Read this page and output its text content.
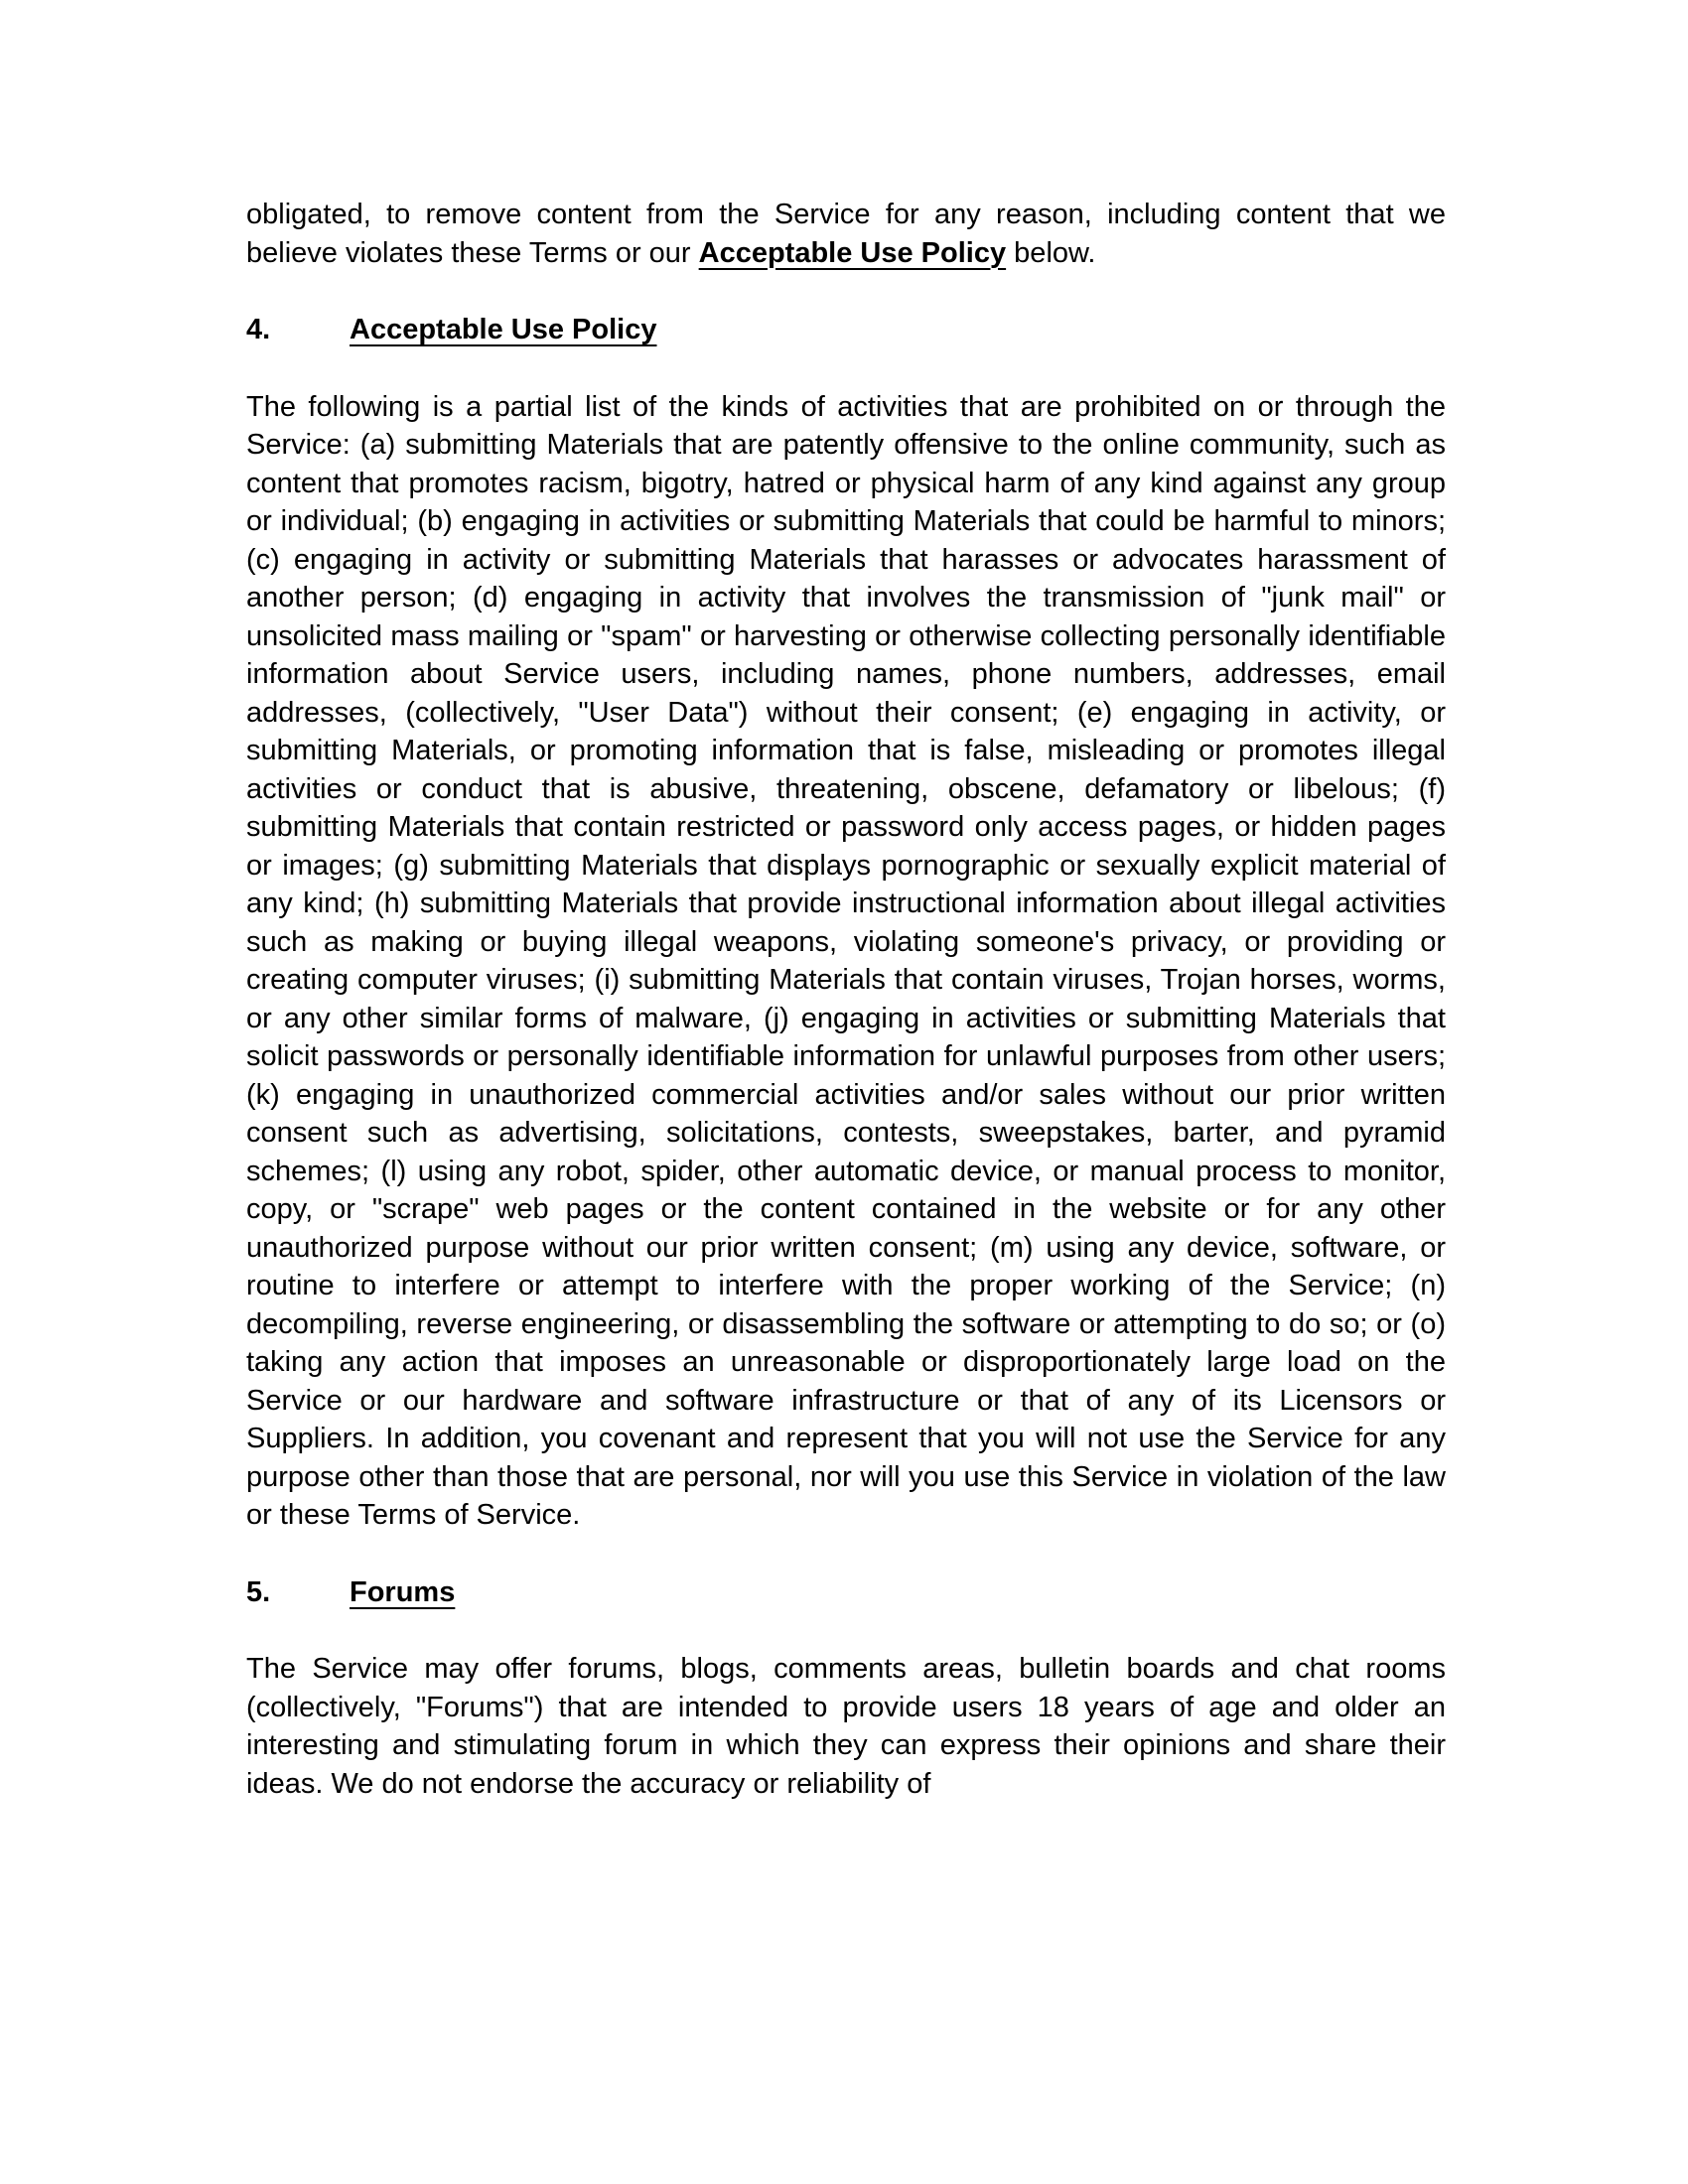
obligated, to remove content from the Service for any reason, including content that we believe violates these Terms or our Acceptable Use Policy below.

4.	Acceptable Use Policy

The following is a partial list of the kinds of activities that are prohibited on or through the Service: (a) submitting Materials that are patently offensive to the online community, such as content that promotes racism, bigotry, hatred or physical harm of any kind against any group or individual; (b) engaging in activities or submitting Materials that could be harmful to minors; (c) engaging in activity or submitting Materials that harasses or advocates harassment of another person; (d) engaging in activity that involves the transmission of "junk mail" or unsolicited mass mailing or "spam" or harvesting or otherwise collecting personally identifiable information about Service users, including names, phone numbers, addresses, email addresses, (collectively, "User Data") without their consent; (e) engaging in activity, or submitting Materials, or promoting information that is false, misleading or promotes illegal activities or conduct that is abusive, threatening, obscene, defamatory or libelous; (f) submitting Materials that contain restricted or password only access pages, or hidden pages or images; (g) submitting Materials that displays pornographic or sexually explicit material of any kind; (h) submitting Materials that provide instructional information about illegal activities such as making or buying illegal weapons, violating someone's privacy, or providing or creating computer viruses; (i) submitting Materials that contain viruses, Trojan horses, worms, or any other similar forms of malware, (j) engaging in activities or submitting Materials that solicit passwords or personally identifiable information for unlawful purposes from other users; (k) engaging in unauthorized commercial activities and/or sales without our prior written consent such as advertising, solicitations, contests, sweepstakes, barter, and pyramid schemes; (l) using any robot, spider, other automatic device, or manual process to monitor, copy, or "scrape" web pages or the content contained in the website or for any other unauthorized purpose without our prior written consent; (m) using any device, software, or routine to interfere or attempt to interfere with the proper working of the Service; (n) decompiling, reverse engineering, or disassembling the software or attempting to do so; or (o) taking any action that imposes an unreasonable or disproportionately large load on the Service or our hardware and software infrastructure or that of any of its Licensors or Suppliers. In addition, you covenant and represent that you will not use the Service for any purpose other than those that are personal, nor will you use this Service in violation of the law or these Terms of Service.

5.	Forums

The Service may offer forums, blogs, comments areas, bulletin boards and chat rooms (collectively, "Forums") that are intended to provide users 18 years of age and older an interesting and stimulating forum in which they can express their opinions and share their ideas. We do not endorse the accuracy or reliability of
